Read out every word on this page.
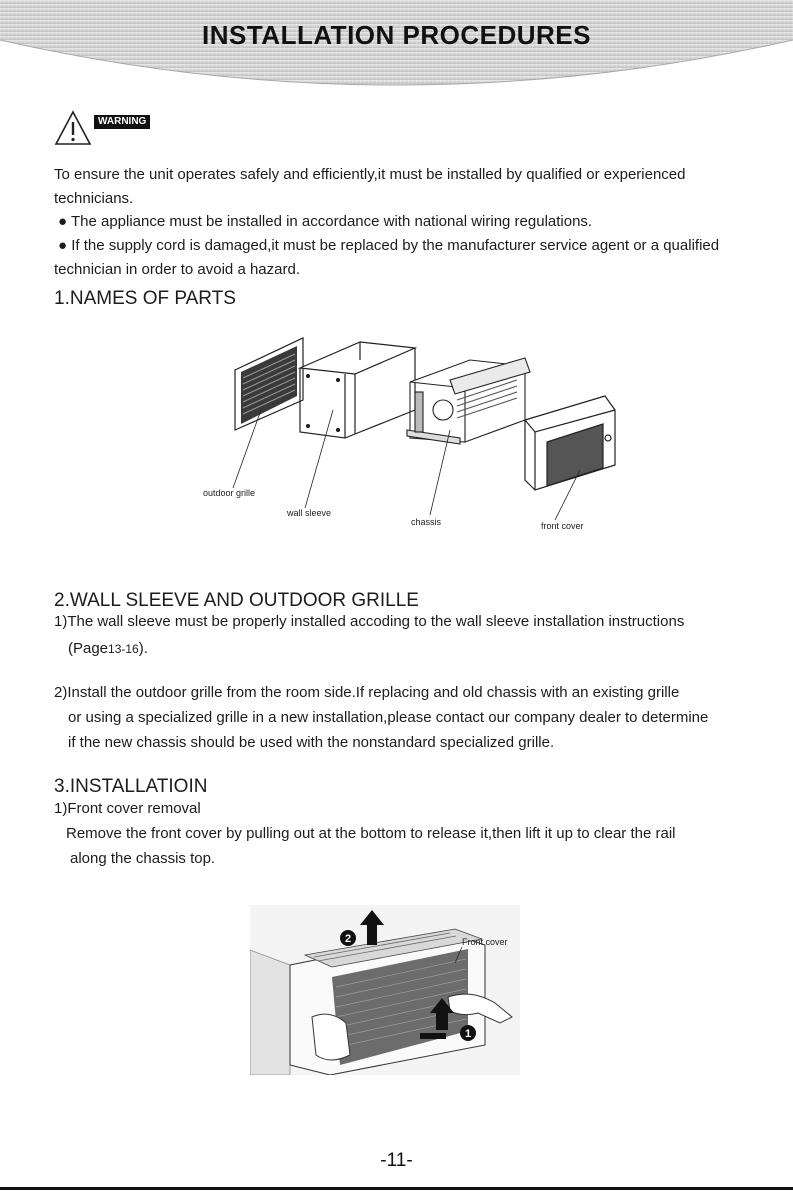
INSTALLATION PROCEDURES
WARNING
To ensure the unit operates safely and efficiently,it must be installed by qualified or experienced
technicians.
● The appliance must be installed in accordance with national wiring regulations.
● If the supply cord is damaged,it must be replaced by the manufacturer service agent or a qualified
technician in order to avoid a hazard.
1.NAMES OF PARTS
outdoor grille
wall sleeve
chassis	front cover
2.WALL SLEEVE AND OUTDOOR GRILLE
1)The wall sleeve must be properly installed accoding to the wall sleeve installation instructions
(Page13-16).
2)Install the outdoor grille from the room side.If replacing and old chassis with an existing grille
or using a specialized grille in a new installation,please contact our company dealer to determine
if the new chassis should be used with the nonstandard specialized grille.
3.INSTALLATIOIN
1)Front cover removal
Remove the front cover by pulling out at the bottom to release it,then lift it up to clear the rail
along the chassis top.
2
1
Front cover
-11-
